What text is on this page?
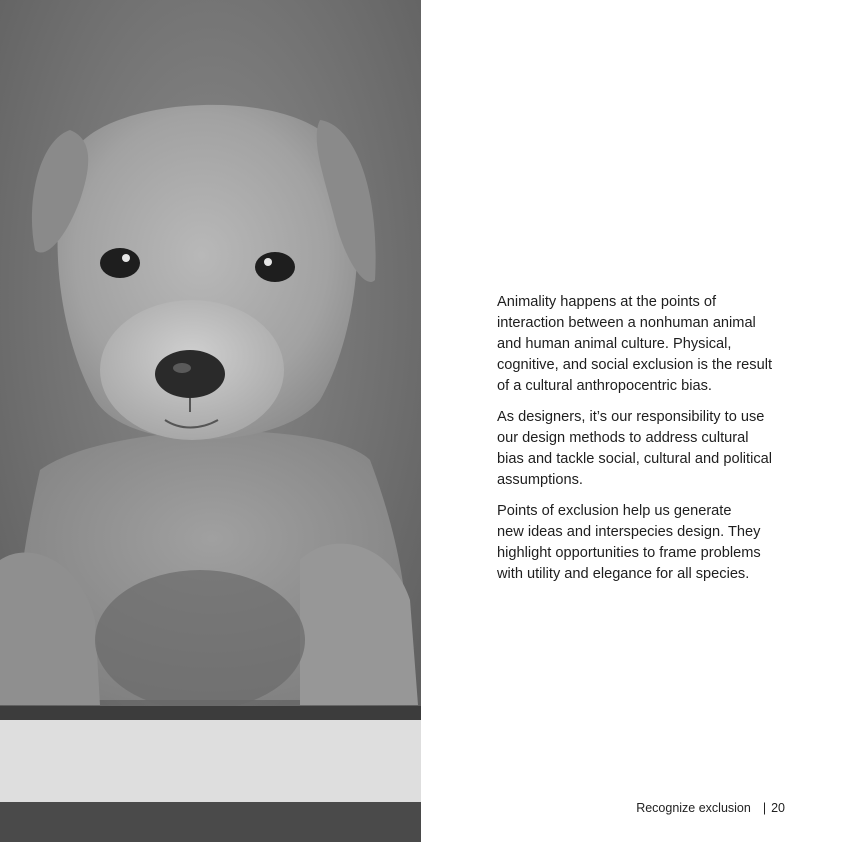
Animality happens at the points of
interaction between a nonhuman animal
and human animal culture. Physical,
cognitive, and social exclusion is the result
of a cultural anthropocentric bias.

As designers, it’s our responsibility to use
our design methods to address cultural
bias and tackle social, cultural and political
assumptions.

Points of exclusion help us generate
new ideas and interspecies design. They
highlight opportunities to frame problems
with utility and elegance for all species.

Recognize exclusion | 20
